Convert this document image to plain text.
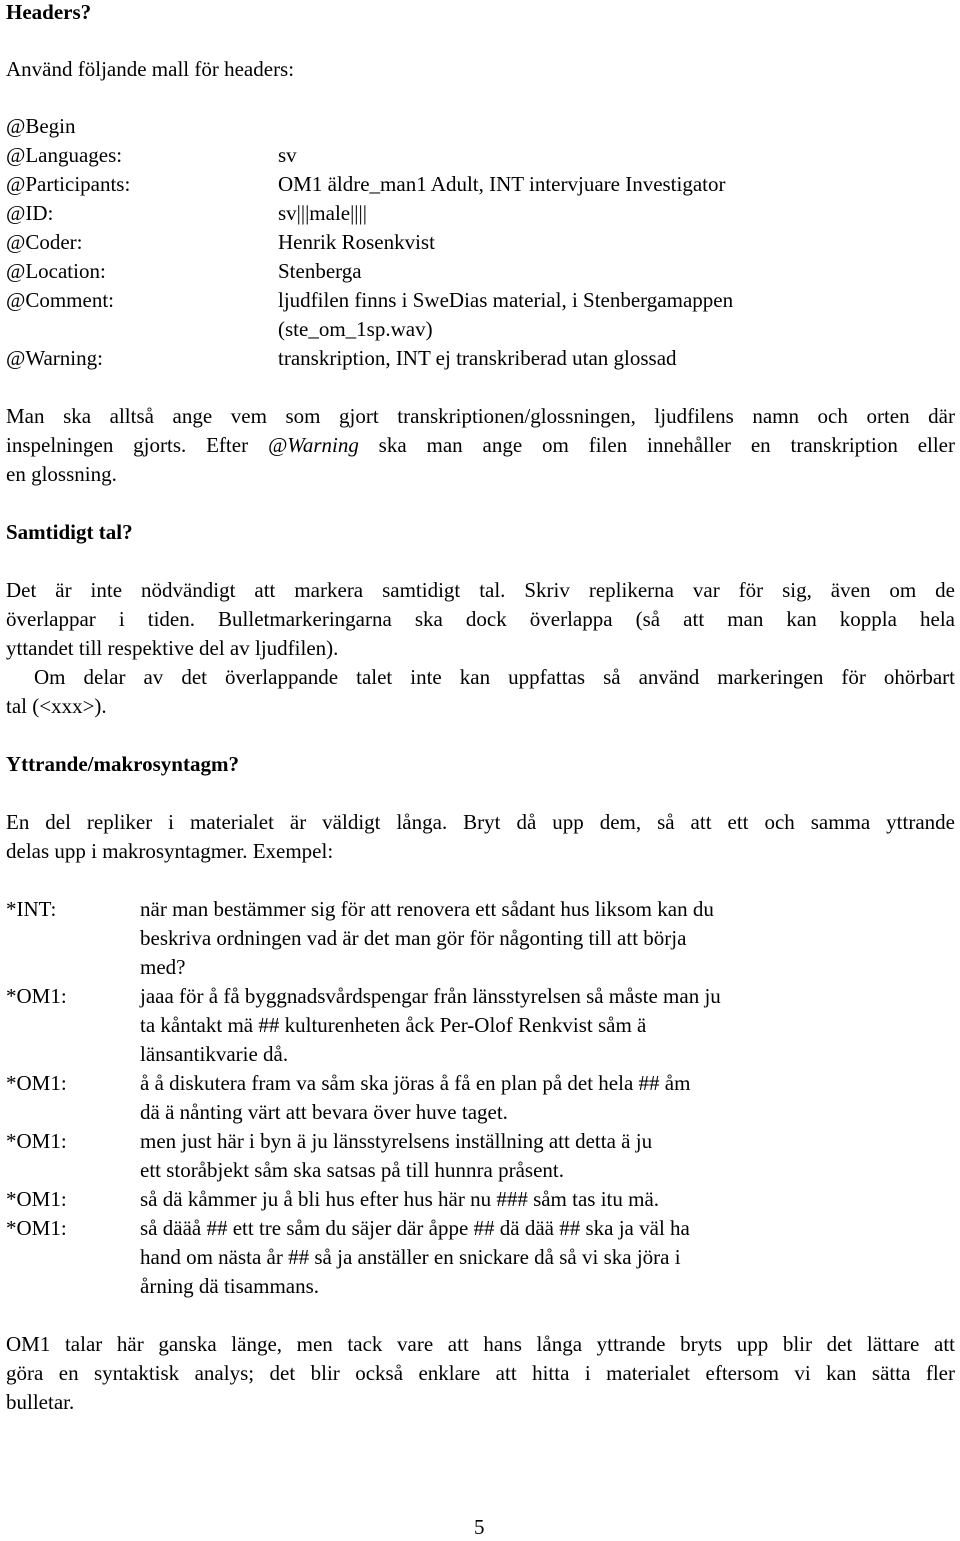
Headers?
Använd följande mall för headers:
@Begin
@Languages:	sv
@Participants:	OM1 äldre_man1 Adult, INT intervjuare Investigator
@ID:	sv|||male||||
@Coder:	Henrik Rosenkvist
@Location:	Stenberga
@Comment:	ljudfilen finns i SweDias material, i Stenbergamappen
(ste_om_1sp.wav)
@Warning:	transkription, INT ej transkriberad utan glossad
Man ska alltså ange vem som gjort transkriptionen/glossningen, ljudfilens namn och orten där
inspelningen gjorts. Efter @Warning ska man ange om filen innehåller en transkription eller
en glossning.
Samtidigt tal?
Det är inte nödvändigt att markera samtidigt tal. Skriv replikerna var för sig, även om de
överlappar i tiden. Bulletmarkeringarna ska dock överlappa (så att man kan koppla hela
yttandet till respektive del av ljudfilen).
Om delar av det överlappande talet inte kan uppfattas så använd markeringen för ohörbart
tal (<xxx>).
Yttrande/makrosyntagm?
En del repliker i materialet är väldigt långa. Bryt då upp dem, så att ett och samma yttrande
delas upp i makrosyntagmer. Exempel:
*INT:	när man bestämmer sig för att renovera ett sådant hus liksom kan du
beskriva ordningen vad är det man gör för någonting till att börja
med?
*OM1:	jaaa för å få byggnadsvårdspengar från länsstyrelsen så måste man ju
ta kåntakt mä ## kulturenheten åck Per-Olof Renkvist såm ä
länsantikvarie då.
*OM1:	å å diskutera fram va såm ska jöras å få en plan på det hela ## åm
dä ä nånting värt att bevara över huve taget.
*OM1:	men just här i byn ä ju länsstyrelsens inställning att detta ä ju
ett storåbjekt såm ska satsas på till hunnra pråsent.
*OM1:	så dä kåmmer ju å bli hus efter hus här nu ### såm tas itu mä.
*OM1:	så dääå ## ett tre såm du säjer där åppe ## dä dää ## ska ja väl ha
hand om nästa år ## så ja anställer en snickare då så vi ska jöra i
årning dä tisammans.
OM1 talar här ganska länge, men tack vare att hans långa yttrande bryts upp blir det lättare att
göra en syntaktisk analys; det blir också enklare att hitta i materialet eftersom vi kan sätta fler
bulletar.
5
